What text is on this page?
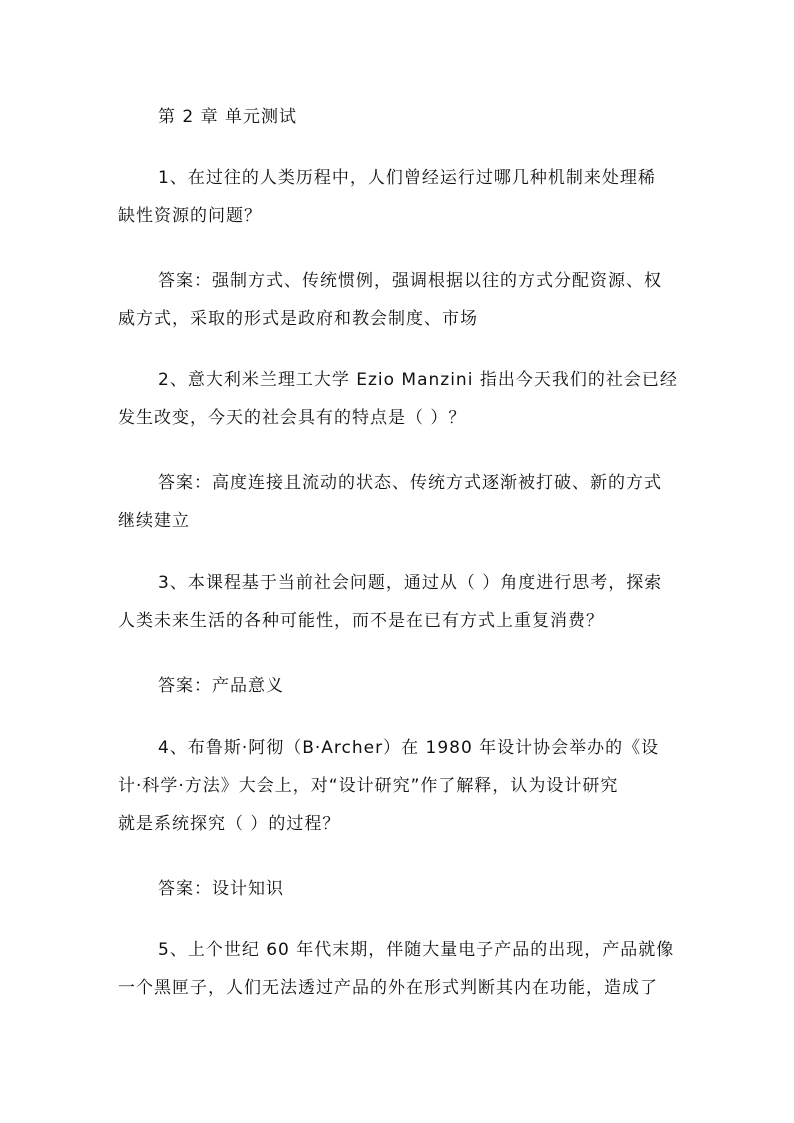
第 2 章 单元测试
1、在过往的人类历程中，人们曾经运行过哪几种机制来处理稀
缺性资源的问题？
答案：强制方式、传统惯例，强调根据以往的方式分配资源、权
威方式，采取的形式是政府和教会制度、市场
2、意大利米兰理工大学 Ezio Manzini 指出今天我们的社会已经
发生改变，今天的社会具有的特点是（ ）？
答案：高度连接且流动的状态、传统方式逐渐被打破、新的方式
继续建立
3、本课程基于当前社会问题，通过从（ ）角度进行思考，探索
人类未来生活的各种可能性，而不是在已有方式上重复消费？
答案：产品意义
4、布鲁斯·阿彻（B·Archer）在 1980 年设计协会举办的《设
计·科学·方法》大会上，对“设计研究”作了解释，认为设计研究
就是系统探究（ ）的过程？
答案：设计知识
5、上个世纪 60 年代末期，伴随大量电子产品的出现，产品就像
一个黑匣子，人们无法透过产品的外在形式判断其内在功能，造成了
